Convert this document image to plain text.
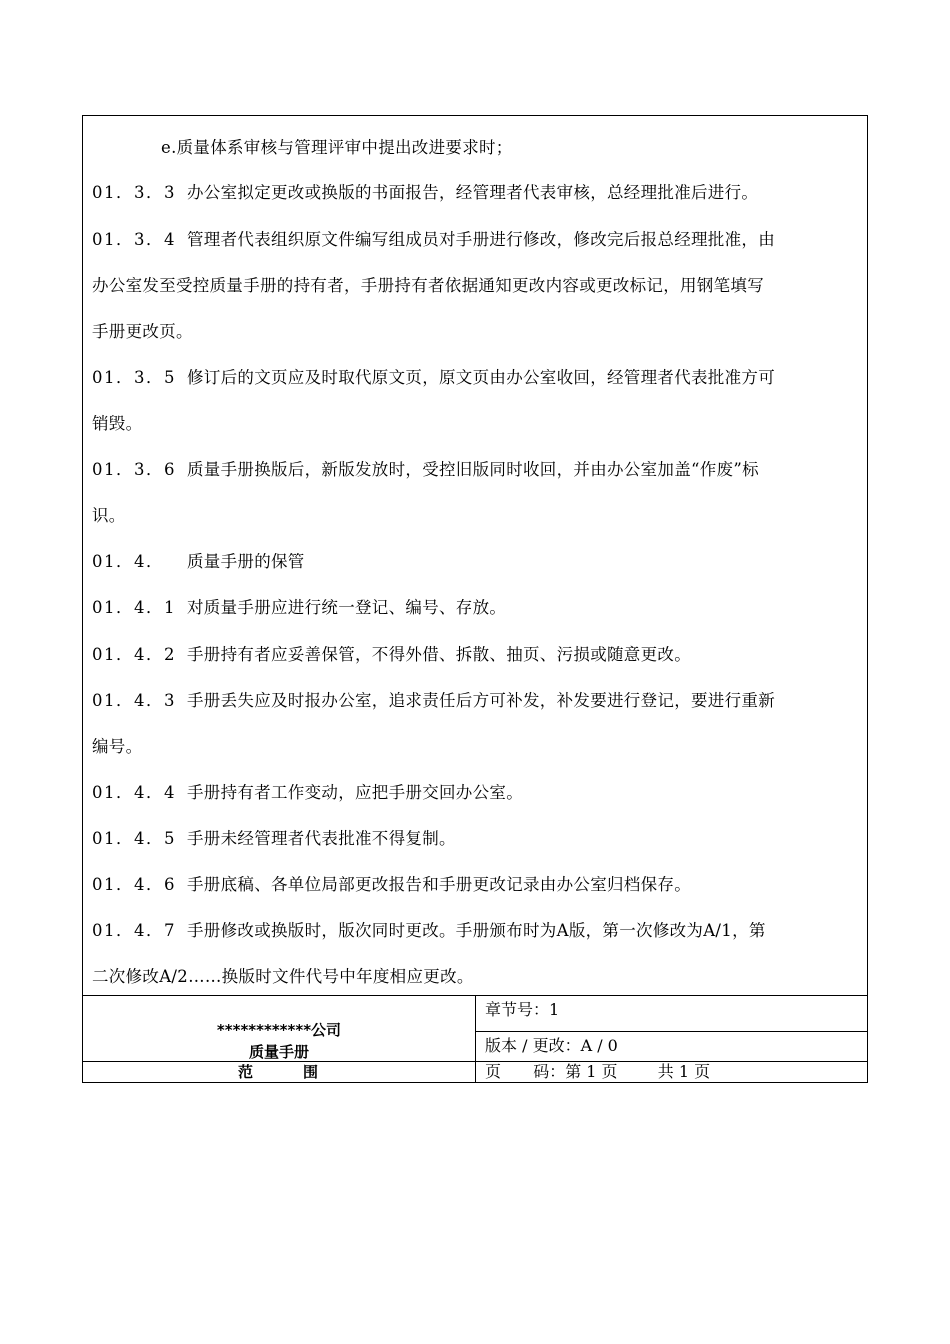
e.质量体系审核与管理评审中提出改进要求时；
01．3．3 办公室拟定更改或换版的书面报告，经管理者代表审核，总经理批准后进行。
01．3．4 管理者代表组织原文件编写组成员对手册进行修改，修改完后报总经理批准，由
办公室发至受控质量手册的持有者，手册持有者依据通知更改内容或更改标记，用钢笔填写
手册更改页。
01．3．5 修订后的文页应及时取代原文页，原文页由办公室收回，经管理者代表批准方可
销毁。
01．3．6 质量手册换版后，新版发放时，受控旧版同时收回，并由办公室加盖“作废”标
识。
01．4． 质量手册的保管
01．4．1 对质量手册应进行统一登记、编号、存放。
01．4．2 手册持有者应妥善保管，不得外借、拆散、抽页、污损或随意更改。
01．4．3 手册丢失应及时报办公室，追求责任后方可补发，补发要进行登记，要进行重新
编号。
01．4．4 手册持有者工作变动，应把手册交回办公室。
01．4．5 手册未经管理者代表批准不得复制。
01．4．6 手册底稿、各单位局部更改报告和手册更改记录由办公室归档保存。
01．4．7 手册修改或换版时，版次同时更改。手册颁布时为A版，第一次修改为A/1，第
二次修改A/2……换版时文件代号中年度相应更改。
************公司
质量手册
范	围
章节号：1
版本 / 更改：A / 0
页 码：第 1 页	共 1 页
